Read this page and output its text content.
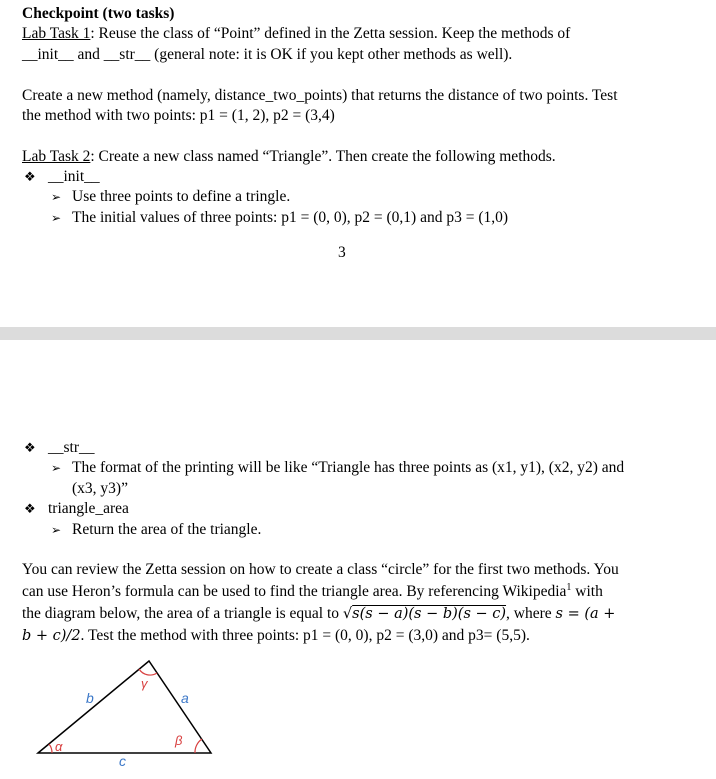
Checkpoint (two tasks)
Lab Task 1: Reuse the class of “Point” defined in the Zetta session. Keep the methods of
__init__ and __str__ (general note: it is OK if you kept other methods as well).
Create a new method (namely, distance_two_points) that returns the distance of two points. Test
the method with two points: p1 = (1, 2), p2 = (3,4)
Lab Task 2: Create a new class named “Triangle”. Then create the following methods.
❖ __init__
➢ Use three points to define a tringle.
➢ The initial values of three points: p1 = (0, 0), p2 = (0,1) and p3 = (1,0)
3
❖ __str__
➢ The format of the printing will be like “Triangle has three points as (x1, y1), (x2, y2) and
(x3, y3)”
❖ triangle_area
➢ Return the area of the triangle.
You can review the Zetta session on how to create a class “circle” for the first two methods. You
can use Heron’s formula can be used to find the triangle area. By referencing Wikipedia$^1$ with
the diagram below, the area of a triangle is equal to √s(s − a)(s − b)(s − c), where s = (a +
b + c)/2. Test the method with three points: p1 = (0, 0), p2 = (3,0) and p3= (5,5).
b	a
c
α	β
γ
